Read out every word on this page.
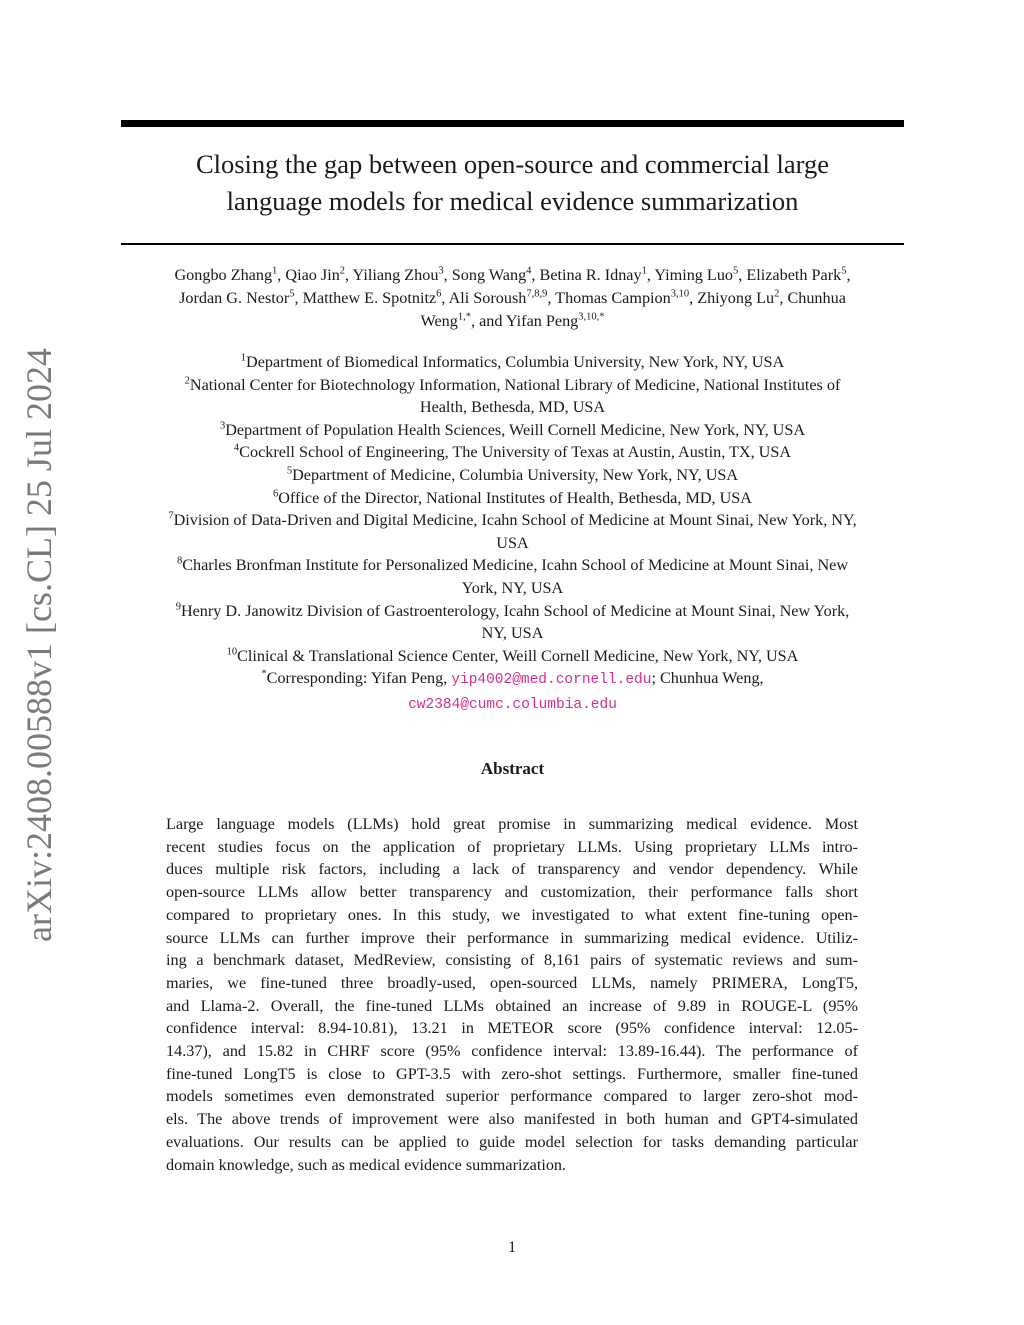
arXiv:2408.00588v1 [cs.CL] 25 Jul 2024
Closing the gap between open-source and commercial large
language models for medical evidence summarization
Gongbo Zhang$^1$, Qiao Jin$^2$, Yiliang Zhou$^3$, Song Wang$^4$, Betina R. Idnay$^1$, Yiming Luo$^5$, Elizabeth Park$^5$,
Jordan G. Nestor$^5$, Matthew E. Spotnitz$^6$, Ali Soroush$^{7,8,9}$, Thomas Campion$^{3,10}$, Zhiyong Lu$^2$, Chunhua
Weng$^{1,*}$, and Yifan Peng$^{3,10,*}$
$^1$Department of Biomedical Informatics, Columbia University, New York, NY, USA
$^2$National Center for Biotechnology Information, National Library of Medicine, National Institutes of
Health, Bethesda, MD, USA
$^3$Department of Population Health Sciences, Weill Cornell Medicine, New York, NY, USA
$^4$Cockrell School of Engineering, The University of Texas at Austin, Austin, TX, USA
$^5$Department of Medicine, Columbia University, New York, NY, USA
$^6$Office of the Director, National Institutes of Health, Bethesda, MD, USA
$^7$Division of Data-Driven and Digital Medicine, Icahn School of Medicine at Mount Sinai, New York, NY,
USA
$^8$Charles Bronfman Institute for Personalized Medicine, Icahn School of Medicine at Mount Sinai, New
York, NY, USA
$^9$Henry D. Janowitz Division of Gastroenterology, Icahn School of Medicine at Mount Sinai, New York,
NY, USA
$^{10}$Clinical & Translational Science Center, Weill Cornell Medicine, New York, NY, USA
*Corresponding: Yifan Peng, yip4002@med.cornell.edu; Chunhua Weng,
cw2384@cumc.columbia.edu
Abstract
Large language models (LLMs) hold great promise in summarizing medical evidence. Most
recent studies focus on the application of proprietary LLMs. Using proprietary LLMs intro-
duces multiple risk factors, including a lack of transparency and vendor dependency. While
open-source LLMs allow better transparency and customization, their performance falls short
compared to proprietary ones. In this study, we investigated to what extent fine-tuning open-
source LLMs can further improve their performance in summarizing medical evidence. Utiliz-
ing a benchmark dataset, MedReview, consisting of 8,161 pairs of systematic reviews and sum-
maries, we fine-tuned three broadly-used, open-sourced LLMs, namely PRIMERA, LongT5,
and Llama-2. Overall, the fine-tuned LLMs obtained an increase of 9.89 in ROUGE-L (95%
confidence interval: 8.94-10.81), 13.21 in METEOR score (95% confidence interval: 12.05-
14.37), and 15.82 in CHRF score (95% confidence interval: 13.89-16.44). The performance of
fine-tuned LongT5 is close to GPT-3.5 with zero-shot settings. Furthermore, smaller fine-tuned
models sometimes even demonstrated superior performance compared to larger zero-shot mod-
els. The above trends of improvement were also manifested in both human and GPT4-simulated
evaluations. Our results can be applied to guide model selection for tasks demanding particular
domain knowledge, such as medical evidence summarization.
1
